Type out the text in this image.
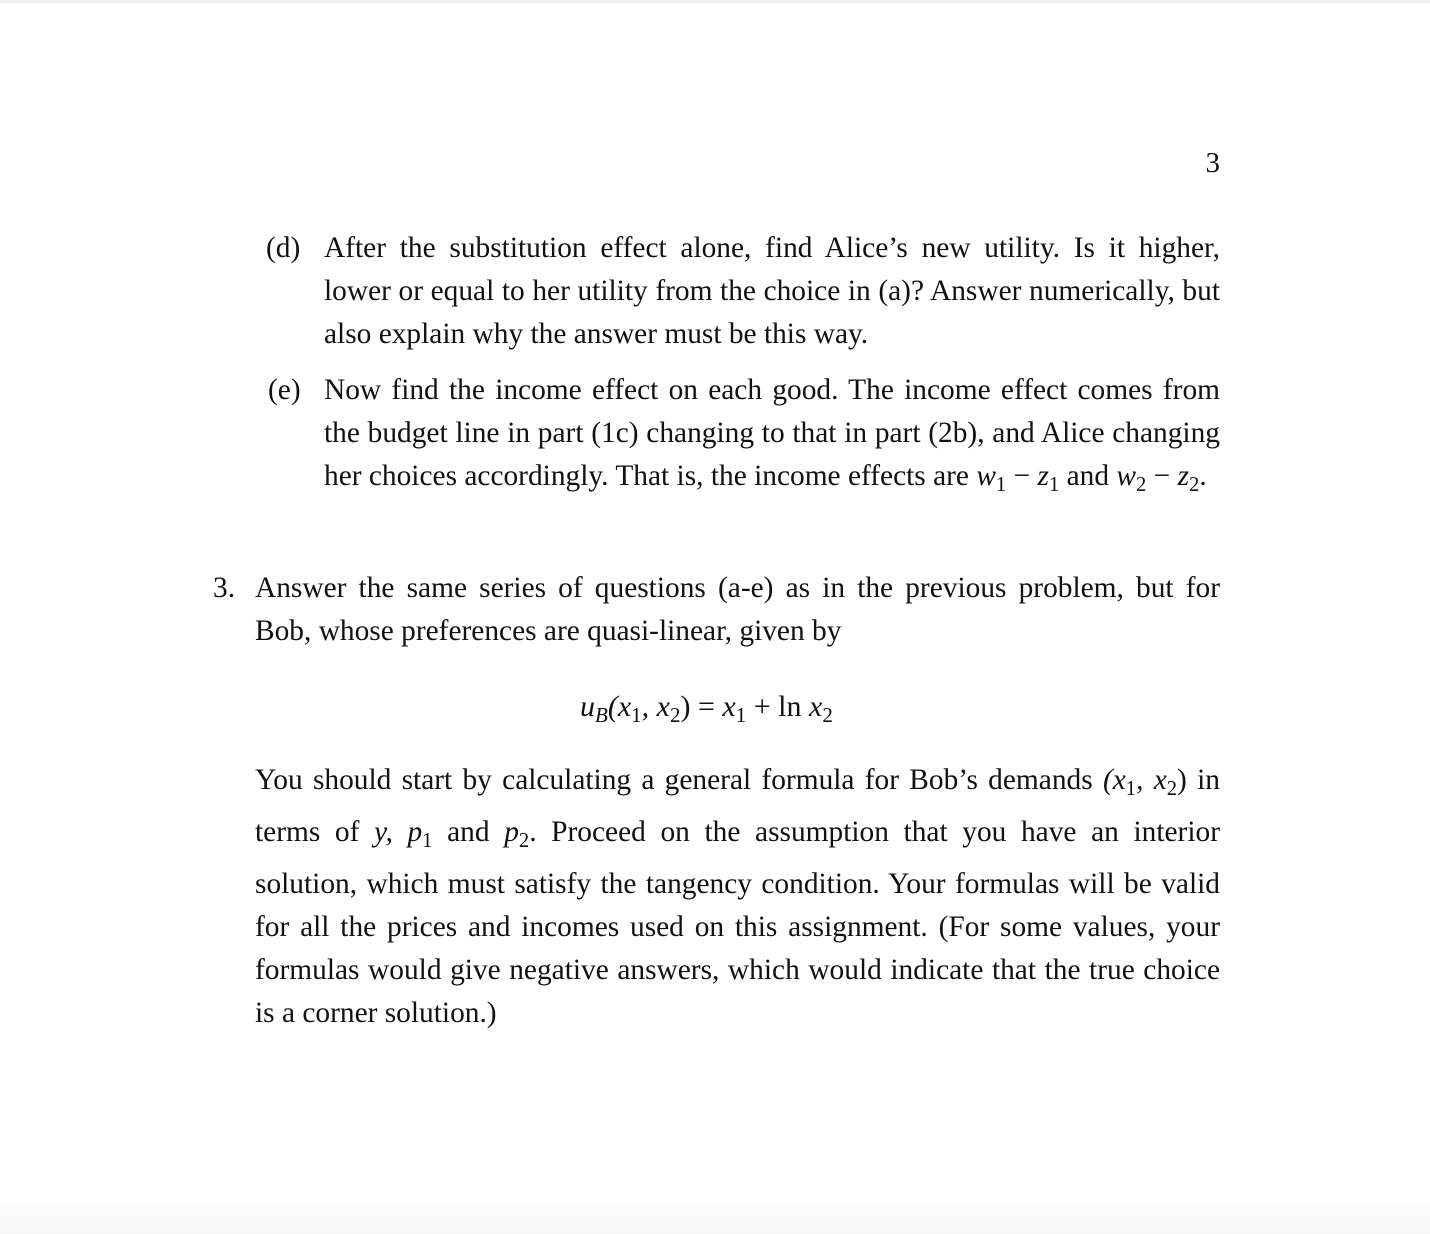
3
(d) After the substitution effect alone, find Alice’s new utility. Is it higher, lower or equal to her utility from the choice in (a)? Answer numerically, but also explain why the answer must be this way.

(e) Now find the income effect on each good. The income effect comes from the budget line in part (1c) changing to that in part (2b), and Alice changing her choices accordingly. That is, the income effects are w1 − z1 and w2 − z2.

3. Answer the same series of questions (a-e) as in the previous problem, but for Bob, whose preferences are quasi-linear, given by

uB(x1, x2) = x1 + ln x2

You should start by calculating a general formula for Bob’s demands (x1, x2) in terms of y, p1 and p2. Proceed on the assumption that you have an interior solution, which must satisfy the tangency condition. Your formulas will be valid for all the prices and incomes used on this assignment. (For some values, your formulas would give negative answers, which would indicate that the true choice is a corner solution.)
